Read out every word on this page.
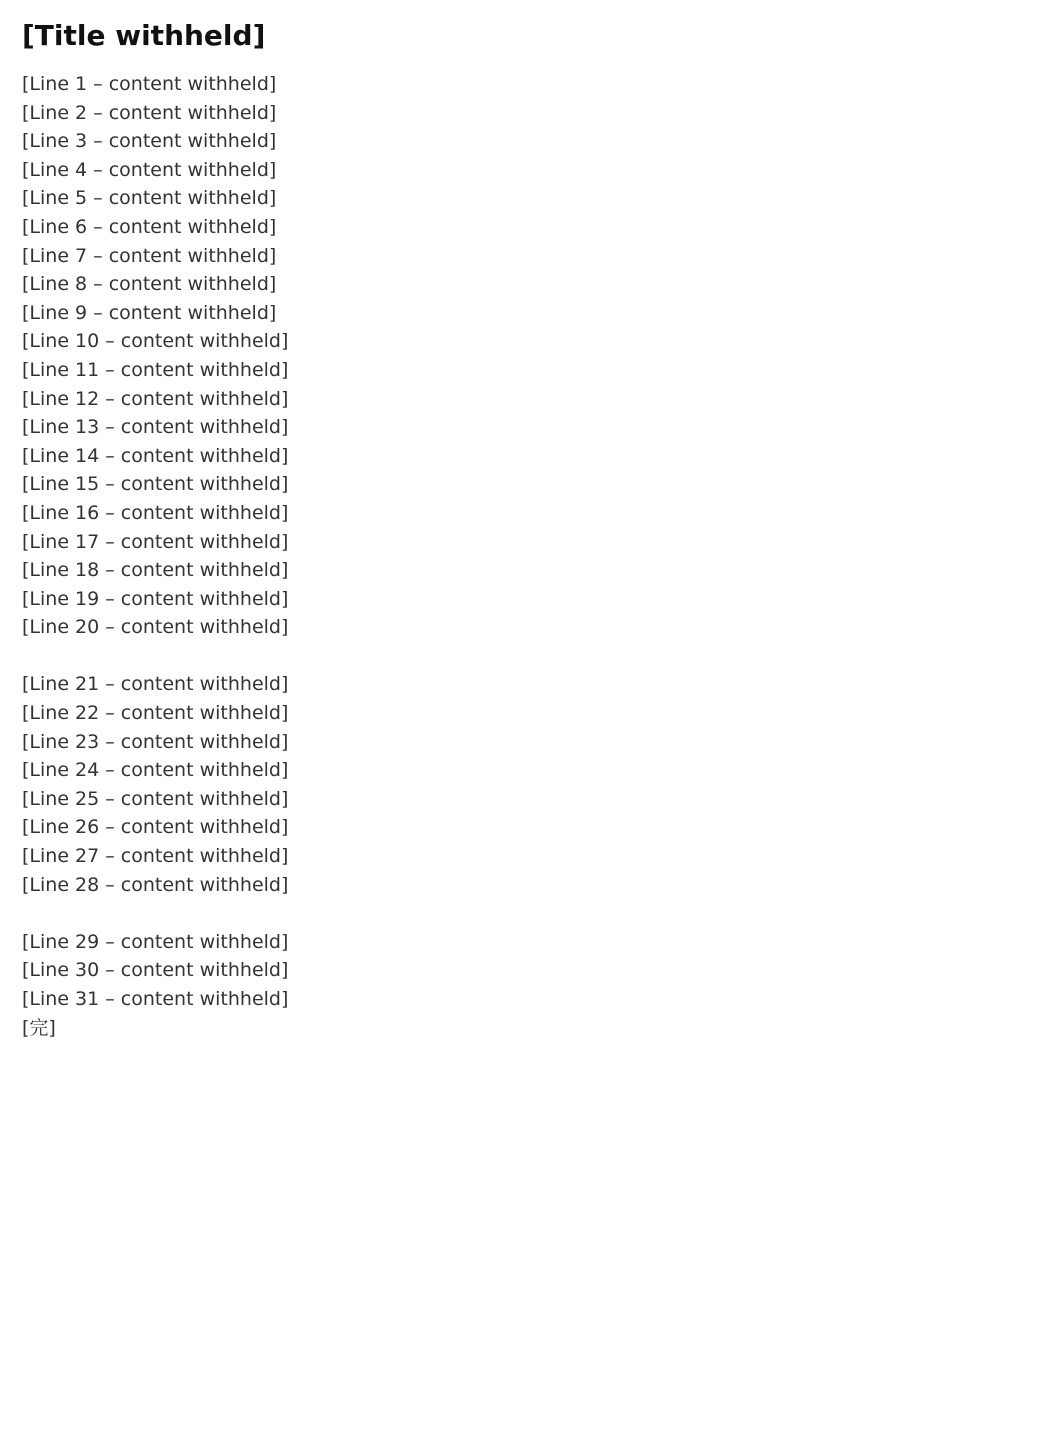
[Title withheld]
[Line 1 – content withheld]
[Line 2 – content withheld]
[Line 3 – content withheld]
[Line 4 – content withheld]
[Line 5 – content withheld]
[Line 6 – content withheld]
[Line 7 – content withheld]
[Line 8 – content withheld]
[Line 9 – content withheld]
[Line 10 – content withheld]
[Line 11 – content withheld]
[Line 12 – content withheld]
[Line 13 – content withheld]
[Line 14 – content withheld]
[Line 15 – content withheld]
[Line 16 – content withheld]
[Line 17 – content withheld]
[Line 18 – content withheld]
[Line 19 – content withheld]
[Line 20 – content withheld]
[Line 21 – content withheld]
[Line 22 – content withheld]
[Line 23 – content withheld]
[Line 24 – content withheld]
[Line 25 – content withheld]
[Line 26 – content withheld]
[Line 27 – content withheld]
[Line 28 – content withheld]
[Line 29 – content withheld]
[Line 30 – content withheld]
[Line 31 – content withheld]
[完]
